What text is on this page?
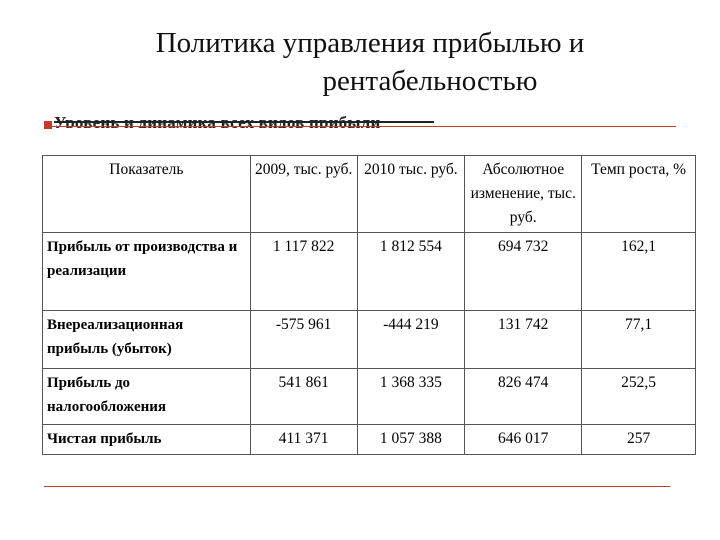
Политика управления прибылью и
рентабельностью
Показатель	2009, тыс. руб.	2010 тыс. руб.	Абсолютное изменение, тыс. руб.	Темп роста, %
Прибыль от производства и реализации	1 117 822	1 812 554	694 732	162,1
Внереализационная прибыль (убыток)	-575 961	-444 219	131 742	77,1
Прибыль до налогообложения	541 861	1 368 335	826 474	252,5
Чистая прибыль	411 371	1 057 388	646 017	257
